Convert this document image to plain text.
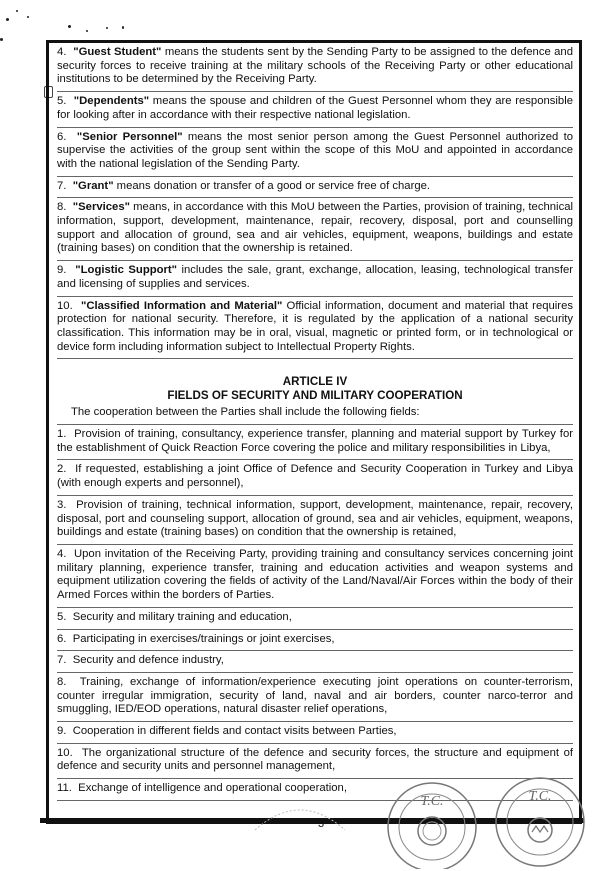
4.  "Guest Student" means the students sent by the Sending Party to be assigned to the defence and security forces to receive training at the military schools of the Receiving Party or other educational institutions to be determined by the Receiving Party.
5.  "Dependents" means the spouse and children of the Guest Personnel whom they are responsible for looking after in accordance with their respective national legislation.
6.  "Senior Personnel" means the most senior person among the Guest Personnel authorized to supervise the activities of the group sent within the scope of this MoU and appointed in accordance with the national legislation of the Sending Party.
7.  "Grant" means donation or transfer of a good or service free of charge.
8.  "Services" means, in accordance with this MoU between the Parties, provision of training, technical information, support, development, maintenance, repair, recovery, disposal, port and counselling support and allocation of ground, sea and air vehicles, equipment, weapons, buildings and estate (training bases) on condition that the ownership is retained.
9.  "Logistic Support" includes the sale, grant, exchange, allocation, leasing, technological transfer and licensing of supplies and services.
10.  "Classified Information and Material" Official information, document and material that requires protection for national security. Therefore, it is regulated by the application of a national security classification. This information may be in oral, visual, magnetic or printed form, or in technological or device form including information subject to Intellectual Property Rights.
ARTICLE IV
FIELDS OF SECURITY AND MILITARY COOPERATION
The cooperation between the Parties shall include the following fields:
1.  Provision of training, consultancy, experience transfer, planning and material support by Turkey for the establishment of Quick Reaction Force covering the police and military responsibilities in Libya,
2.  If requested, establishing a joint Office of Defence and Security Cooperation in Turkey and Libya (with enough experts and personnel),
3.  Provision of training, technical information, support, development, maintenance, repair, recovery, disposal, port and counseling support, allocation of ground, sea and air vehicles, equipment, weapons, buildings and estate (training bases) on condition that the ownership is retained,
4.  Upon invitation of the Receiving Party, providing training and consultancy services concerning joint military planning, experience transfer, training and education activities and weapon systems and equipment utilization covering the fields of activity of the Land/Naval/Air Forces within the body of their Armed Forces within the borders of Parties.
5.  Security and military training and education,
6.  Participating in exercises/trainings or joint exercises,
7.  Security and defence industry,
8.  Training, exchange of information/experience executing joint operations on counter-terrorism, counter irregular immigration, security of land, naval and air borders, counter narco-terror and smuggling, IED/EOD operations, natural disaster relief operations,
9.  Cooperation in different fields and contact visits between Parties,
10.  The organizational structure of the defence and security forces, the structure and equipment of defence and security units and personnel management,
11.  Exchange of intelligence and operational cooperation,
3
T.C.	T.C.
